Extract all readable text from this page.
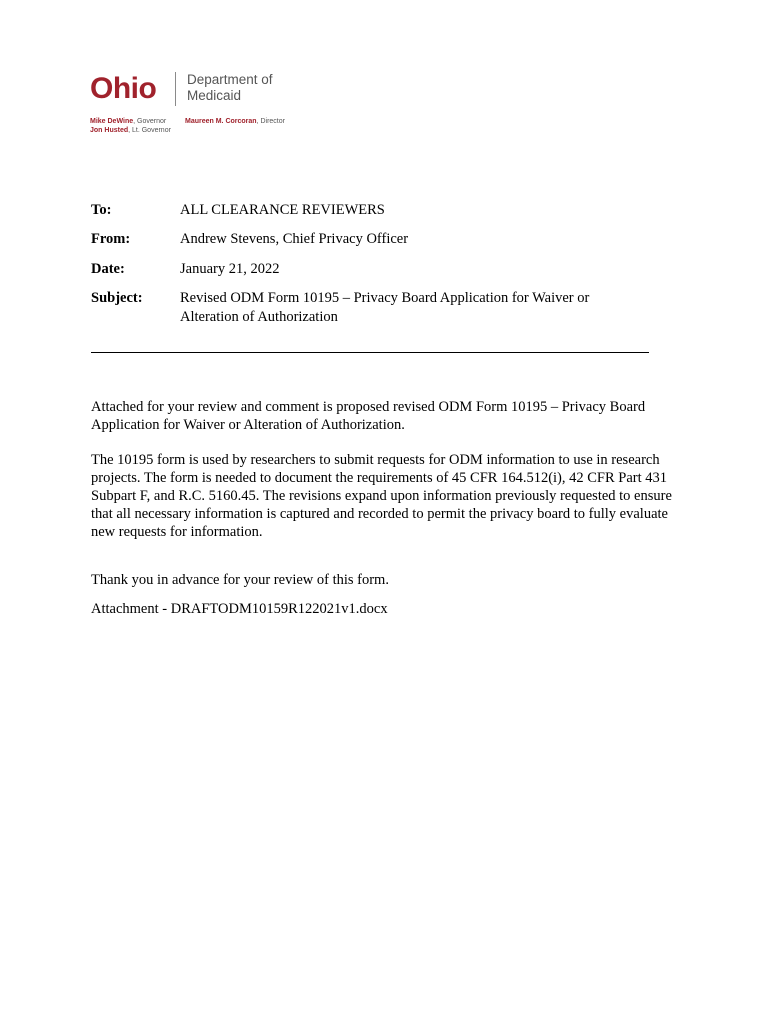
Ohio Department of Medicaid
Mike DeWine, Governor
Jon Husted, Lt. Governor
Maureen M. Corcoran, Director
To:	ALL CLEARANCE REVIEWERS
From:	Andrew Stevens, Chief Privacy Officer
Date:	January 21, 2022
Subject:	Revised ODM Form 10195 – Privacy Board Application for Waiver or Alteration of Authorization

Attached for your review and comment is proposed revised ODM Form 10195 – Privacy Board Application for Waiver or Alteration of Authorization.

The 10195 form is used by researchers to submit requests for ODM information to use in research projects. The form is needed to document the requirements of 45 CFR 164.512(i), 42 CFR Part 431 Subpart F, and R.C. 5160.45. The revisions expand upon information previously requested to ensure that all necessary information is captured and recorded to permit the privacy board to fully evaluate new requests for information.

Thank you in advance for your review of this form.

Attachment - DRAFTODM10159R122021v1.docx
